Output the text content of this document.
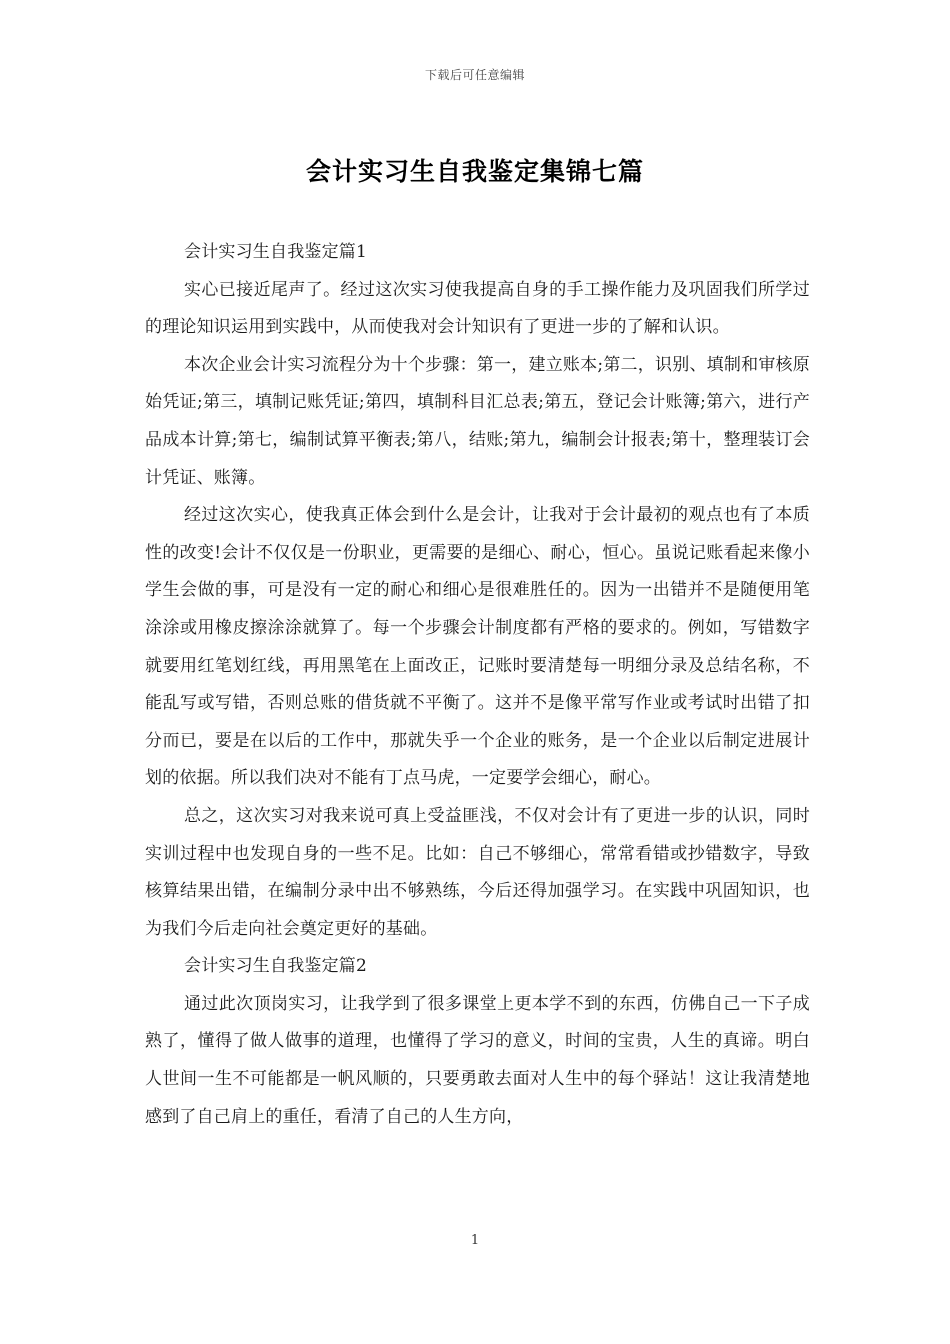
下载后可任意编辑
会计实习生自我鉴定集锦七篇

会计实习生自我鉴定篇1

实心已接近尾声了。经过这次实习使我提高自身的手工操作能力及巩固我们所学过的理论知识运用到实践中，从而使我对会计知识有了更进一步的了解和认识。

本次企业会计实习流程分为十个步骤：第一，建立账本;第二，识别、填制和审核原始凭证;第三，填制记账凭证;第四，填制科目汇总表;第五，登记会计账簿;第六，进行产品成本计算;第七，编制试算平衡表;第八，结账;第九，编制会计报表;第十，整理装订会计凭证、账簿。

经过这次实心，使我真正体会到什么是会计，让我对于会计最初的观点也有了本质性的改变!会计不仅仅是一份职业，更需要的是细心、耐心，恒心。虽说记账看起来像小学生会做的事，可是没有一定的耐心和细心是很难胜任的。因为一出错并不是随便用笔涂涂或用橡皮擦涂涂就算了。每一个步骤会计制度都有严格的要求的。例如，写错数字就要用红笔划红线，再用黑笔在上面改正，记账时要清楚每一明细分录及总结名称，不能乱写或写错，否则总账的借货就不平衡了。这并不是像平常写作业或考试时出错了扣分而已，要是在以后的工作中，那就失乎一个企业的账务，是一个企业以后制定进展计划的依据。所以我们决对不能有丁点马虎，一定要学会细心，耐心。

总之，这次实习对我来说可真上受益匪浅，不仅对会计有了更进一步的认识，同时实训过程中也发现自身的一些不足。比如：自己不够细心，常常看错或抄错数字，导致核算结果出错，在编制分录中出不够熟练，今后还得加强学习。在实践中巩固知识，也为我们今后走向社会奠定更好的基础。

会计实习生自我鉴定篇2

通过此次顶岗实习，让我学到了很多课堂上更本学不到的东西，仿佛自己一下子成熟了，懂得了做人做事的道理，也懂得了学习的意义，时间的宝贵，人生的真谛。明白人世间一生不可能都是一帆风顺的，只要勇敢去面对人生中的每个驿站！这让我清楚地感到了自己肩上的重任，看清了自己的人生方向，

1
